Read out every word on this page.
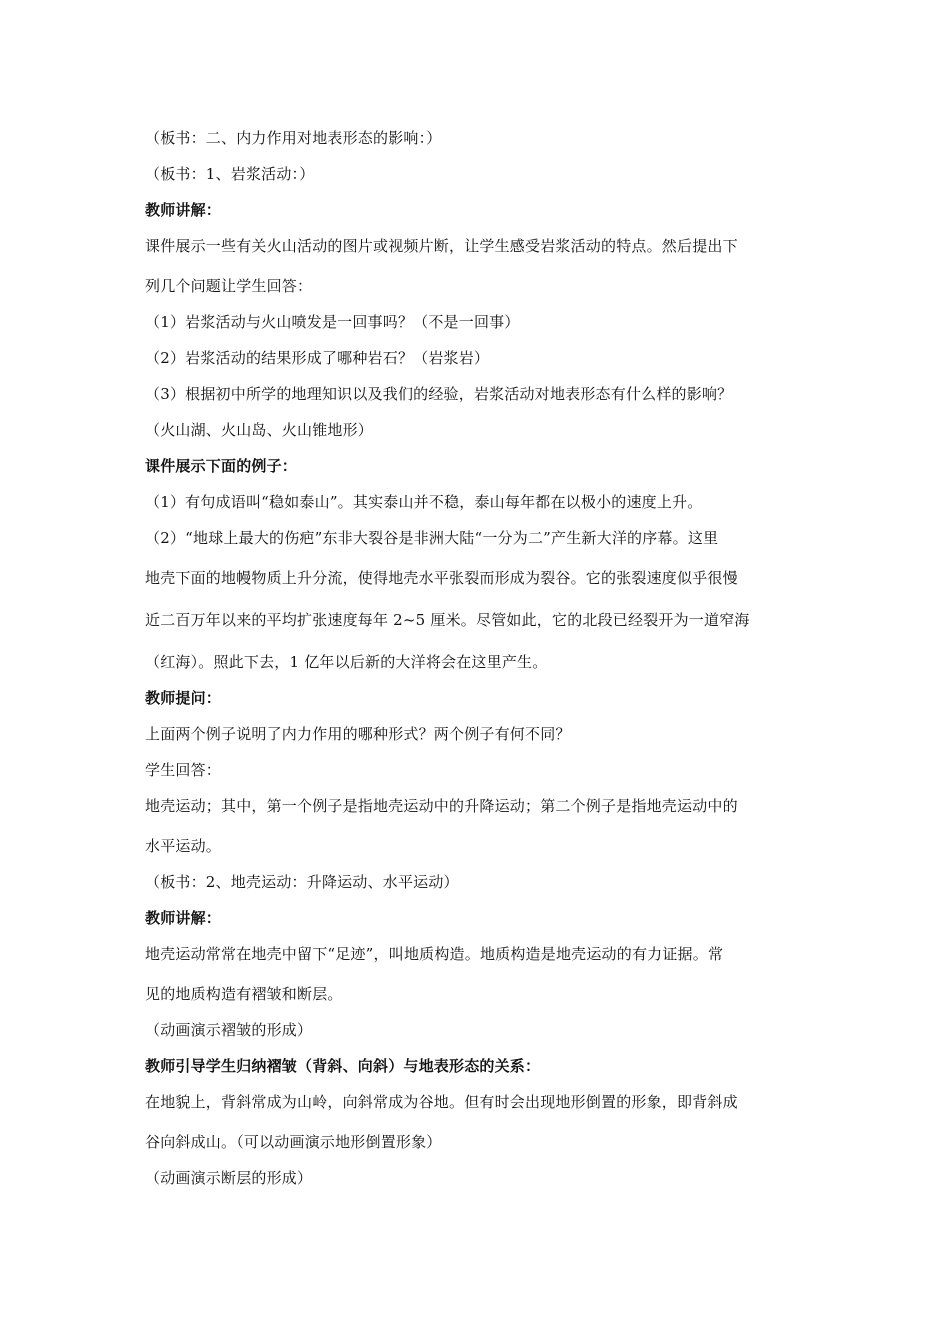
（板书：二、内力作用对地表形态的影响：）
（板书：1、岩浆活动：）
教师讲解：
课件展示一些有关火山活动的图片或视频片断，让学生感受岩浆活动的特点。然后提出下
列几个问题让学生回答：
（1）岩浆活动与火山喷发是一回事吗？（不是一回事）
（2）岩浆活动的结果形成了哪种岩石？（岩浆岩）
（3）根据初中所学的地理知识以及我们的经验，岩浆活动对地表形态有什么样的影响？
（火山湖、火山岛、火山锥地形）
课件展示下面的例子：
（1）有句成语叫“稳如泰山”。其实泰山并不稳，泰山每年都在以极小的速度上升。
（2）“地球上最大的伤疤”东非大裂谷是非洲大陆“一分为二”产生新大洋的序幕。这里
地壳下面的地幔物质上升分流，使得地壳水平张裂而形成为裂谷。它的张裂速度似乎很慢
近二百万年以来的平均扩张速度每年 2~5 厘米。尽管如此，它的北段已经裂开为一道窄海
（红海）。照此下去，1 亿年以后新的大洋将会在这里产生。
教师提问：
上面两个例子说明了内力作用的哪种形式？两个例子有何不同？
学生回答：
地壳运动；其中，第一个例子是指地壳运动中的升降运动；第二个例子是指地壳运动中的
水平运动。
（板书：2、地壳运动：升降运动、水平运动）
教师讲解：
地壳运动常常在地壳中留下“足迹”，叫地质构造。地质构造是地壳运动的有力证据。常
见的地质构造有褶皱和断层。
（动画演示褶皱的形成）
教师引导学生归纳褶皱（背斜、向斜）与地表形态的关系：
在地貌上，背斜常成为山岭，向斜常成为谷地。但有时会出现地形倒置的形象，即背斜成
谷向斜成山。（可以动画演示地形倒置形象）
（动画演示断层的形成）
